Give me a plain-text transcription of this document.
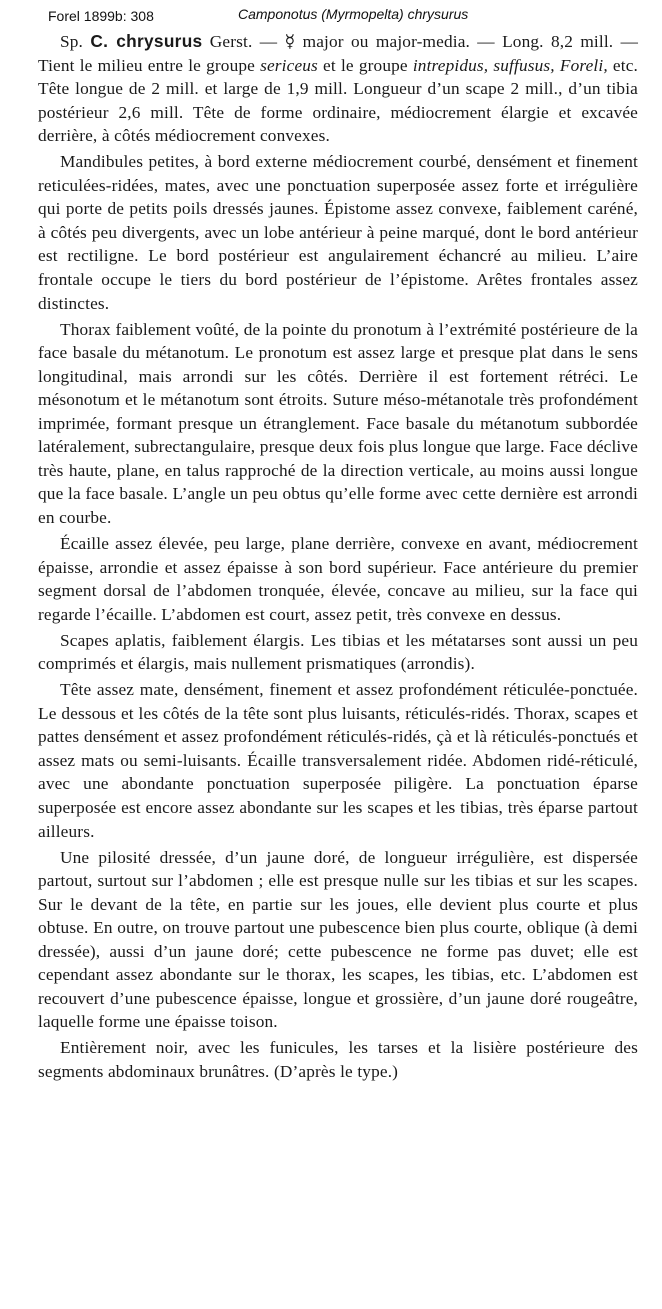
Forel 1899b: 308	Camponotus (Myrmopelta) chrysurus

Sp. C. chrysurus Gerst. — ☿ major ou major-media. — Long. 8,2 mill. — Tient le milieu entre le groupe sericeus et le groupe intrepidus, suffusus, Foreli, etc. Tête longue de 2 mill. et large de 1,9 mill. Longueur d’un scape 2 mill., d’un tibia postérieur 2,6 mill. Tête de forme ordinaire, médiocrement élargie et excavée derrière, à côtés médiocrement convexes.

Mandibules petites, à bord externe médiocrement courbé, densément et finement reticulées-ridées, mates, avec une ponctuation superposée assez forte et irrégulière qui porte de petits poils dressés jaunes. Épistome assez convexe, faiblement caréné, à côtés peu divergents, avec un lobe antérieur à peine marqué, dont le bord antérieur est rectiligne. Le bord postérieur est angulairement échancré au milieu. L’aire frontale occupe le tiers du bord postérieur de l’épistome. Arêtes frontales assez distinctes.

Thorax faiblement voûté, de la pointe du pronotum à l’extrémité postérieure de la face basale du métanotum. Le pronotum est assez large et presque plat dans le sens longitudinal, mais arrondi sur les côtés. Derrière il est fortement rétréci. Le mésonotum et le métanotum sont étroits. Suture méso-métanotale très profondément imprimée, formant presque un étranglement. Face basale du métanotum subbordée latéralement, subrectangulaire, presque deux fois plus longue que large. Face déclive très haute, plane, en talus rapproché de la direction verticale, au moins aussi longue que la face basale. L’angle un peu obtus qu’elle forme avec cette dernière est arrondi en courbe.

Écaille assez élevée, peu large, plane derrière, convexe en avant, médiocrement épaisse, arrondie et assez épaisse à son bord supérieur. Face antérieure du premier segment dorsal de l’abdomen tronquée, élevée, concave au milieu, sur la face qui regarde l’écaille. L’abdomen est court, assez petit, très convexe en dessus.

Scapes aplatis, faiblement élargis. Les tibias et les métatarses sont aussi un peu comprimés et élargis, mais nullement prismatiques (arrondis).

Tête assez mate, densément, finement et assez profondément réticulée-ponctuée. Le dessous et les côtés de la tête sont plus luisants, réticulés-ridés. Thorax, scapes et pattes densément et assez profondément réticulés-ridés, çà et là réticulés-ponctués et assez mats ou semi-luisants. Écaille transversalement ridée. Abdomen ridé-réticulé, avec une abondante ponctuation superposée piligère. La ponctuation éparse superposée est encore assez abondante sur les scapes et les tibias, très éparse partout ailleurs.

Une pilosité dressée, d’un jaune doré, de longueur irrégulière, est dispersée partout, surtout sur l’abdomen ; elle est presque nulle sur les tibias et sur les scapes. Sur le devant de la tête, en partie sur les joues, elle devient plus courte et plus obtuse. En outre, on trouve partout une pubescence bien plus courte, oblique (à demi dressée), aussi d’un jaune doré; cette pubescence ne forme pas duvet; elle est cependant assez abondante sur le thorax, les scapes, les tibias, etc. L’abdomen est recouvert d’une pubescence épaisse, longue et grossière, d’un jaune doré rougeâtre, laquelle forme une épaisse toison.

Entièrement noir, avec les funicules, les tarses et la lisière postérieure des segments abdominaux brunâtres. (D’après le type.)
